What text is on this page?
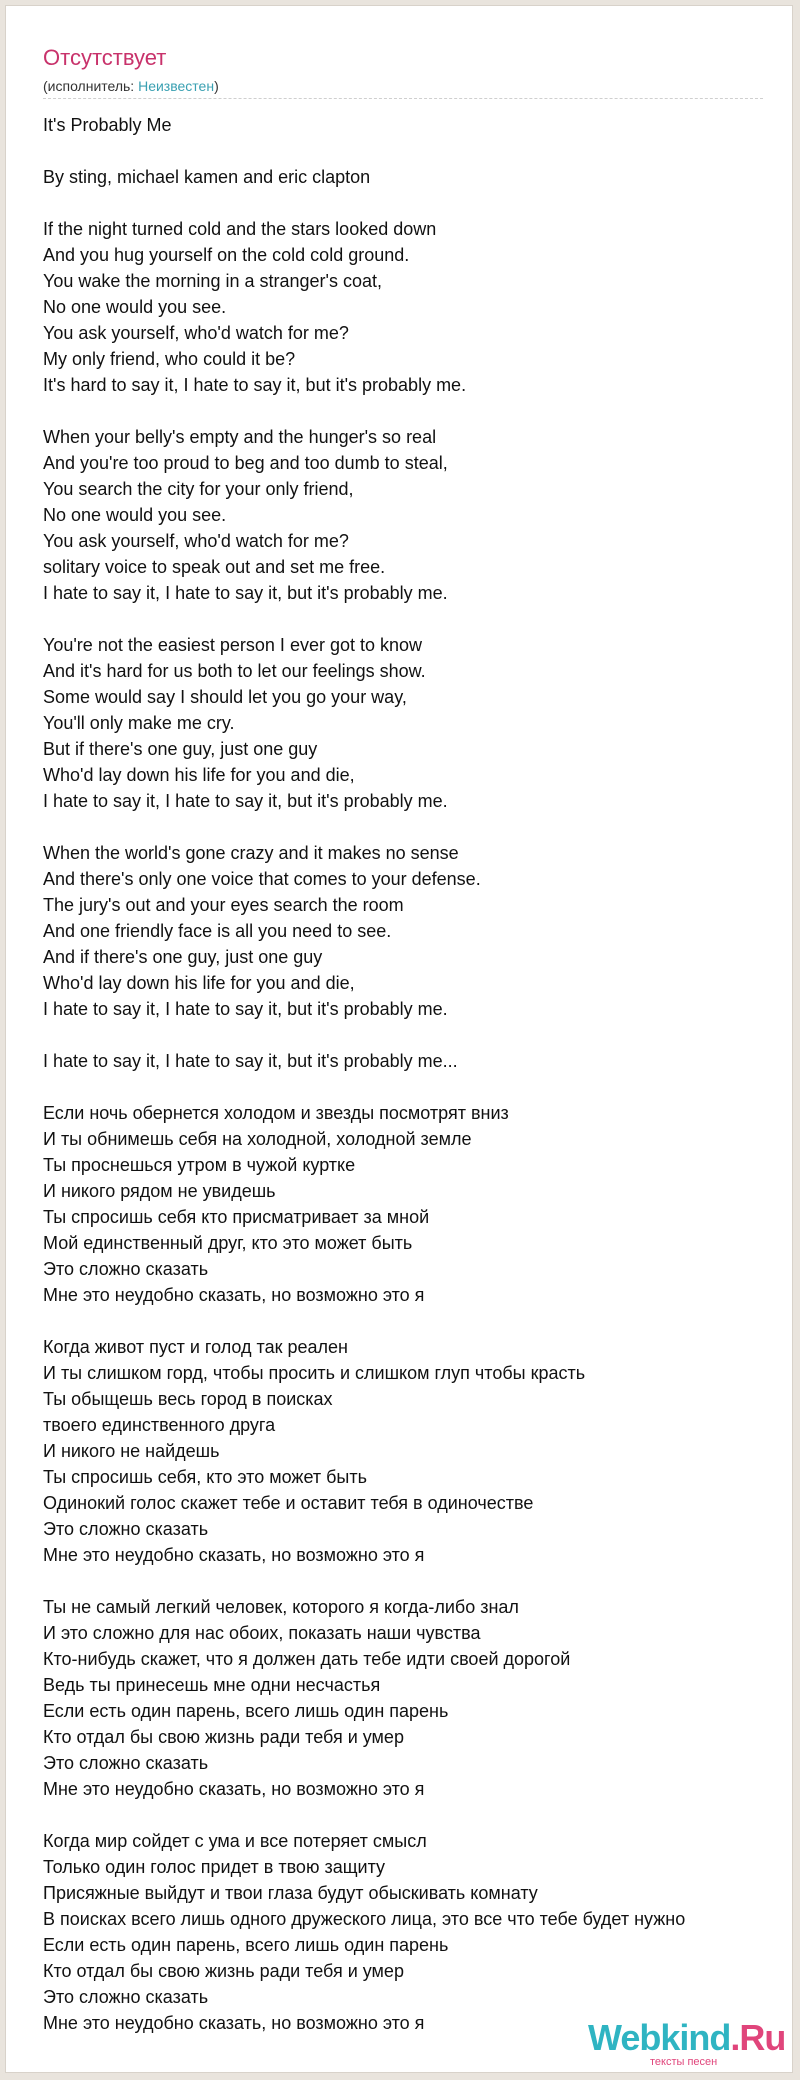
Отсутствует
(исполнитель: Неизвестен)
It's Probably Me
By sting, michael kamen and eric clapton
If the night turned cold and the stars looked down
And you hug yourself on the cold cold ground.
You wake the morning in a stranger's coat,
No one would you see.
You ask yourself, who'd watch for me?
My only friend, who could it be?
It's hard to say it, I hate to say it, but it's probably me.
When your belly's empty and the hunger's so real
And you're too proud to beg and too dumb to steal,
You search the city for your only friend,
No one would you see.
You ask yourself, who'd watch for me?
solitary voice to speak out and set me free.
I hate to say it, I hate to say it, but it's probably me.
You're not the easiest person I ever got to know
And it's hard for us both to let our feelings show.
Some would say I should let you go your way,
You'll only make me cry.
But if there's one guy, just one guy
Who'd lay down his life for you and die,
I hate to say it, I hate to say it, but it's probably me.
When the world's gone crazy and it makes no sense
And there's only one voice that comes to your defense.
The jury's out and your eyes search the room
And one friendly face is all you need to see.
And if there's one guy, just one guy
Who'd lay down his life for you and die,
I hate to say it, I hate to say it, but it's probably me.
I hate to say it, I hate to say it, but it's probably me...
Если ночь обернется холодом и звезды посмотрят вниз
И ты обнимешь себя на холодной, холодной земле
Ты проснешься утром в чужой куртке
И никого рядом не увидешь
Ты спросишь себя кто присматривает за мной
Мой единственный друг, кто это может быть
Это сложно сказать
Мне это неудобно сказать, но возможно это я
Когда живот пуст и голод так реален
И ты слишком горд, чтобы просить и слишком глуп чтобы красть
Ты обыщешь весь город в поисках
твоего единственного друга
И никого не найдешь
Ты спросишь себя, кто это может быть
Одинокий голос скажет тебе и оставит тебя в одиночестве
Это сложно сказать
Мне это неудобно сказать, но возможно это я
Ты не самый легкий человек, которого я когда-либо знал
И это сложно для нас обоих, показать наши чувства
Кто-нибудь скажет, что я должен дать тебе идти своей дорогой
Ведь ты принесешь мне одни несчастья
Если есть один парень, всего лишь один парень
Кто отдал бы свою жизнь ради тебя и умер
Это сложно сказать
Мне это неудобно сказать, но возможно это я
Когда мир сойдет с ума и все потеряет смысл
Только один голос придет в твою защиту
Присяжные выйдут и твои глаза будут обыскивать комнату
В поисках всего лишь одного дружеского лица, это все что тебе будет нужно
Если есть один парень, всего лишь один парень
Кто отдал бы свою жизнь ради тебя и умер
Это сложно сказать
Мне это неудобно сказать, но возможно это я	Webkind.Ru
тексты песен
